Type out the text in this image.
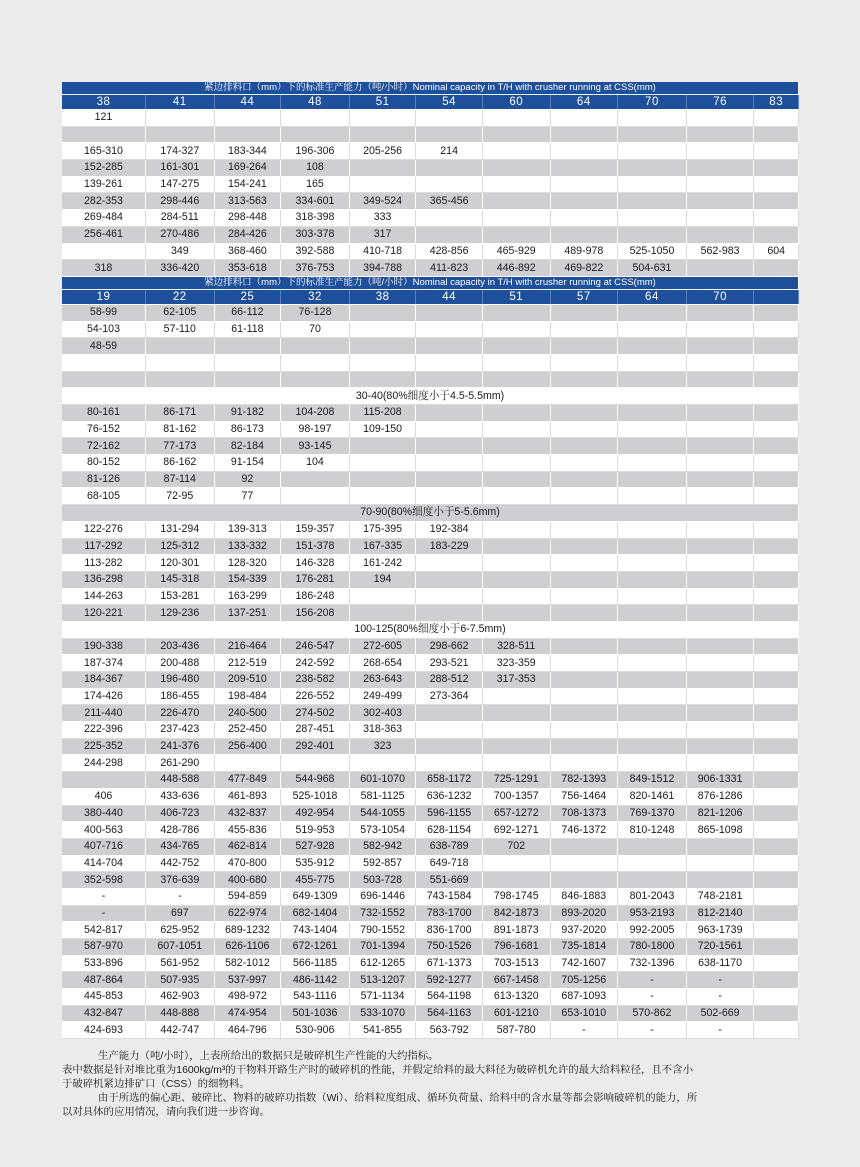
紧边排料口（mm）下的标准生产能力（吨/小时）Nominal capacity in T/H with crusher running at CSS(mm)										
38	41	44	48	51	54	60	64	70	76	83
121										

165-310	174-327	183-344	196-306	205-256	214					
152-285	161-301	169-264	108							
139-261	147-275	154-241	165							
282-353	298-446	313-563	334-601	349-524	365-456					
269-484	284-511	298-448	318-398	333						
256-461	270-486	284-426	303-378	317						
	349	368-460	392-588	410-718	428-856	465-929	489-978	525-1050	562-983	604
318	336-420	353-618	376-753	394-788	411-823	446-892	469-822	504-631		
紧边排料口（mm）下的标准生产能力（吨/小时）Nominal capacity in T/H with crusher running at CSS(mm)										
19	22	25	32	38	44	51	57	64	70	
58-99	62-105	66-112	76-128							
54-103	57-110	61-118	70							
48-59										

30-40(80%细度小于4.5-5.5mm)										
80-161	86-171	91-182	104-208	115-208						
76-152	81-162	86-173	98-197	109-150						
72-162	77-173	82-184	93-145							
80-152	86-162	91-154	104							
81-126	87-114	92								
68-105	72-95	77								
70-90(80%细度小于5-5.6mm)										
122-276	131-294	139-313	159-357	175-395	192-384					
117-292	125-312	133-332	151-378	167-335	183-229					
113-282	120-301	128-320	146-328	161-242						
136-298	145-318	154-339	176-281	194						
144-263	153-281	163-299	186-248							
120-221	129-236	137-251	156-208							
100-125(80%细度小于6-7.5mm)										
190-338	203-436	216-464	246-547	272-605	298-662	328-511				
187-374	200-488	212-519	242-592	268-654	293-521	323-359				
184-367	196-480	209-510	238-582	263-643	288-512	317-353				
174-426	186-455	198-484	226-552	249-499	273-364					
211-440	226-470	240-500	274-502	302-403						
222-396	237-423	252-450	287-451	318-363						
225-352	241-376	256-400	292-401	323						
244-298	261-290									
	448-588	477-849	544-968	601-1070	658-1172	725-1291	782-1393	849-1512	906-1331	
406	433-636	461-893	525-1018	581-1125	636-1232	700-1357	756-1464	820-1461	876-1286	
380-440	406-723	432-837	492-954	544-1055	596-1155	657-1272	708-1373	769-1370	821-1206	
400-563	428-786	455-836	519-953	573-1054	628-1154	692-1271	746-1372	810-1248	865-1098	
407-716	434-765	462-814	527-928	582-942	638-789	702				
414-704	442-752	470-800	535-912	592-857	649-718					
352-598	376-639	400-680	455-775	503-728	551-669					
-	-	594-859	649-1309	696-1446	743-1584	798-1745	846-1883	801-2043	748-2181	
-	697	622-974	682-1404	732-1552	783-1700	842-1873	893-2020	953-2193	812-2140	
542-817	625-952	689-1232	743-1404	790-1552	836-1700	891-1873	937-2020	992-2005	963-1739	
587-970	607-1051	626-1106	672-1261	701-1394	750-1526	796-1681	735-1814	780-1800	720-1561	
533-896	561-952	582-1012	566-1185	612-1265	671-1373	703-1513	742-1607	732-1396	638-1170	
487-864	507-935	537-997	486-1142	513-1207	592-1277	667-1458	705-1256	-	-	
445-853	462-903	498-972	543-1116	571-1134	564-1198	613-1320	687-1093	-	-	
432-847	448-888	474-954	501-1036	533-1070	564-1163	601-1210	653-1010	570-862	502-669	
424-693	442-747	464-796	530-906	541-855	563-792	587-780	-	-	-	

生产能力（吨/小时），上表所给出的数据只是破碎机生产性能的大约指标。

表中数据是针对堆比重为1600kg/m³的干物料开路生产时的破碎机的性能，并假定给料的最大料径为破碎机允许的最大给料粒径，且不含小

于破碎机紧边排矿口（CSS）的细物料。

由于所选的偏心距、破碎比、物料的破碎功指数（Wi）、给料粒度组成、循环负荷量、给料中的含水量等都会影响破碎机的能力，所

以对具体的应用情况，请向我们进一步咨询。
